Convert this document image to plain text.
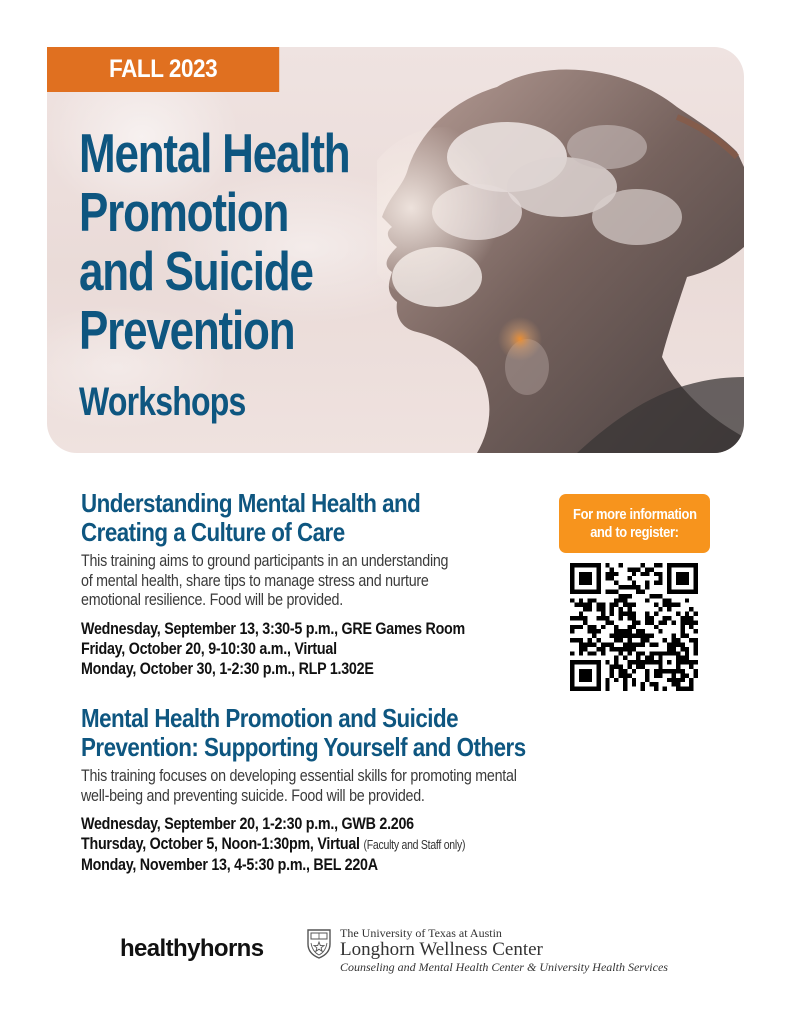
FALL 2023
Mental Health
Promotion
and Suicide
Prevention
Workshops
Understanding Mental Health and
Creating a Culture of Care

This training aims to ground participants in an understanding
of mental health, share tips to manage stress and nurture
emotional resilience. Food will be provided.

Wednesday, September 13, 3:30-5 p.m., GRE Games Room
Friday, October 20, 9-10:30 a.m., Virtual
Monday, October 30, 1-2:30 p.m., RLP 1.302E
Mental Health Promotion and Suicide
Prevention: Supporting Yourself and Others

This training focuses on developing essential skills for promoting mental
well-being and preventing suicide. Food will be provided.

Wednesday, September 20, 1-2:30 p.m., GWB 2.206
Thursday, October 5, Noon-1:30pm, Virtual (Faculty and Staff only)
Monday, November 13, 4-5:30 p.m., BEL 220A
For more information
and to register:
healthyhorns
The University of Texas at Austin
Longhorn Wellness Center
Counseling and Mental Health Center & University Health Services
